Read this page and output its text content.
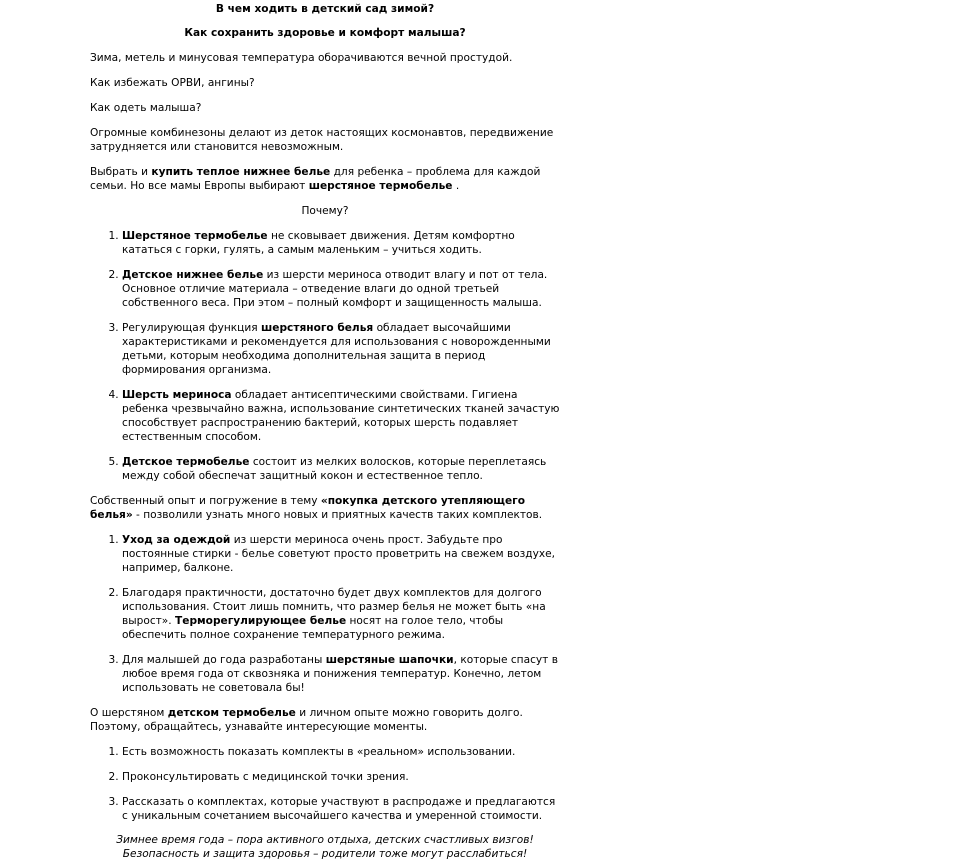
В чем ходить в детский сад зимой?

Как сохранить здоровье и комфорт малыша?

Зима, метель и минусовая температура оборачиваются вечной простудой.

Как избежать ОРВИ, ангины?

Как одеть малыша?

Огромные комбинезоны делают из деток настоящих космонавтов, передвижение затрудняется или становится невозможным.

Выбрать и купить теплое нижнее белье для ребенка – проблема для каждой семьи. Но все мамы Европы выбирают шерстяное термобелье .

Почему?

1. Шерстяное термобелье не сковывает движения. Детям комфортно кататься с горки, гулять, а самым маленьким – учиться ходить.
2. Детское нижнее белье из шерсти мериноса отводит влагу и пот от тела. Основное отличие материала – отведение влаги до одной третьей собственного веса. При этом – полный комфорт и защищенность малыша.
3. Регулирующая функция шерстяного белья обладает высочайшими характеристиками и рекомендуется для использования с новорожденными детьми, которым необходима дополнительная защита в период формирования организма.
4. Шерсть мериноса обладает антисептическими свойствами. Гигиена ребенка чрезвычайно важна, использование синтетических тканей зачастую способствует распространению бактерий, которых шерсть подавляет естественным способом.
5. Детское термобелье состоит из мелких волосков, которые переплетаясь между собой обеспечат защитный кокон и естественное тепло.

Собственный опыт и погружение в тему «покупка детского утепляющего белья» - позволили узнать много новых и приятных качеств таких комплектов.

1. Уход за одеждой из шерсти мериноса очень прост. Забудьте про постоянные стирки - белье советуют просто проветрить на свежем воздухе, например, балконе.
2. Благодаря практичности, достаточно будет двух комплектов для долгого использования. Стоит лишь помнить, что размер белья не может быть «на вырост». Терморегулирующее белье носят на голое тело, чтобы обеспечить полное сохранение температурного режима.
3. Для малышей до года разработаны шерстяные шапочки, которые спасут в любое время года от сквозняка и понижения температур. Конечно, летом использовать не советовала бы!

О шерстяном детском термобелье и личном опыте можно говорить долго. Поэтому, обращайтесь, узнавайте интересующие моменты.

1. Есть возможность показать комплекты в «реальном» использовании.
2. Проконсультировать с медицинской точки зрения.
3. Рассказать о комплектах, которые участвуют в распродаже и предлагаются с уникальным сочетанием высочайшего качества и умеренной стоимости.

Зимнее время года – пора активного отдыха, детских счастливых визгов!

Безопасность и защита здоровья – родители тоже могут расслабиться!
